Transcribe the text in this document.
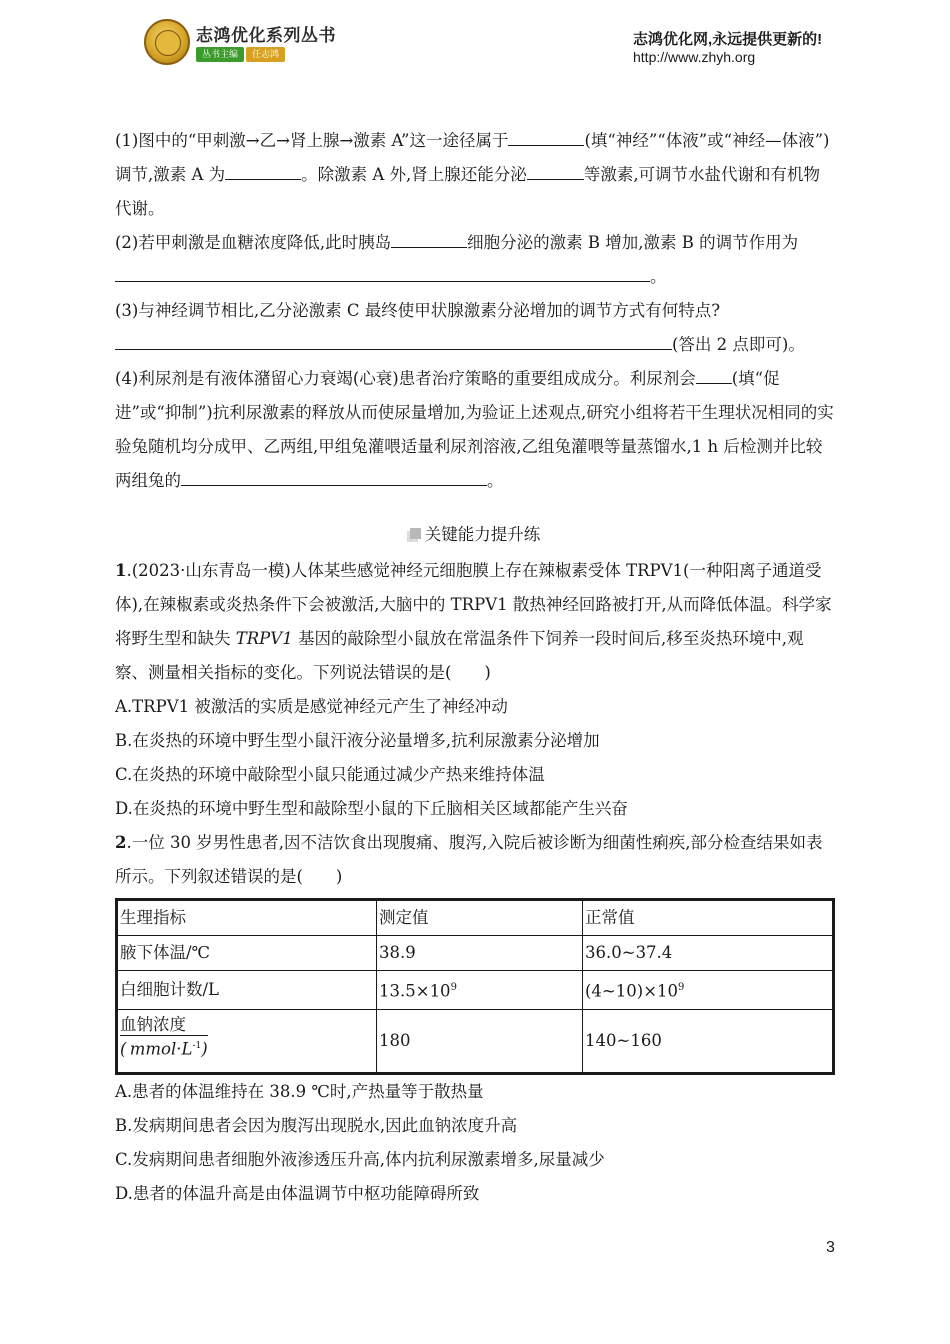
志鸿优化系列丛书
丛书主编	任志鸿
志鸿优化网,永远提供更新的!
http://www.zhyh.org

(1)图中的“甲刺激→乙→肾上腺→激素 A”这一途径属于	(填“神经”“体液”或“神经—体液”)调节,激素 A 为	。除激素 A 外,肾上腺还能分泌	等激素,可调节水盐代谢和有机物代谢。

(2)若甲刺激是血糖浓度降低,此时胰岛	细胞分泌的激素 B 增加,激素 B 的调节作用为。

(3)与神经调节相比,乙分泌激素 C 最终使甲状腺激素分泌增加的调节方式有何特点?(答出 2 点即可)。

(4)利尿剂是有液体潴留心力衰竭(心衰)患者治疗策略的重要组成成分。利尿剂会 (填“促进”或“抑制”)抗利尿激素的释放从而使尿量增加,为验证上述观点,研究小组将若干生理状况相同的实验兔随机均分成甲、乙两组,甲组兔灌喂适量利尿剂溶液,乙组兔灌喂等量蒸馏水,1 h 后检测并比较两组兔的	。

关键能力提升练

1.(2023·山东青岛一模)人体某些感觉神经元细胞膜上存在辣椒素受体 TRPV1(一种阳离子通道受体),在辣椒素或炎热条件下会被激活,大脑中的 TRPV1 散热神经回路被打开,从而降低体温。科学家将野生型和缺失 TRPV1 基因的敲除型小鼠放在常温条件下饲养一段时间后,移至炎热环境中,观察、测量相关指标的变化。下列说法错误的是(　　)

A.TRPV1 被激活的实质是感觉神经元产生了神经冲动

B.在炎热的环境中野生型小鼠汗液分泌量增多,抗利尿激素分泌增加

C.在炎热的环境中敲除型小鼠只能通过减少产热来维持体温

D.在炎热的环境中野生型和敲除型小鼠的下丘脑相关区域都能产生兴奋

2.一位 30 岁男性患者,因不洁饮食出现腹痛、腹泻,入院后被诊断为细菌性痢疾,部分检查结果如表所示。下列叙述错误的是(　　)

生理指标	测定值	正常值
腋下体温/℃	38.9	36.0~37.4
白细胞计数/L	$13.5\times 10^9$	$(4\sim 10)\times 10^9$

$\frac{\text{血钠浓度}}{( mmol\cdot L^{-1})}$	180	140~160

A.患者的体温维持在 38.9 ℃时,产热量等于散热量

B.发病期间患者会因为腹泻出现脱水,因此血钠浓度升高

C.发病期间患者细胞外液渗透压升高,体内抗利尿激素增多,尿量减少

D.患者的体温升高是由体温调节中枢功能障碍所致

3
